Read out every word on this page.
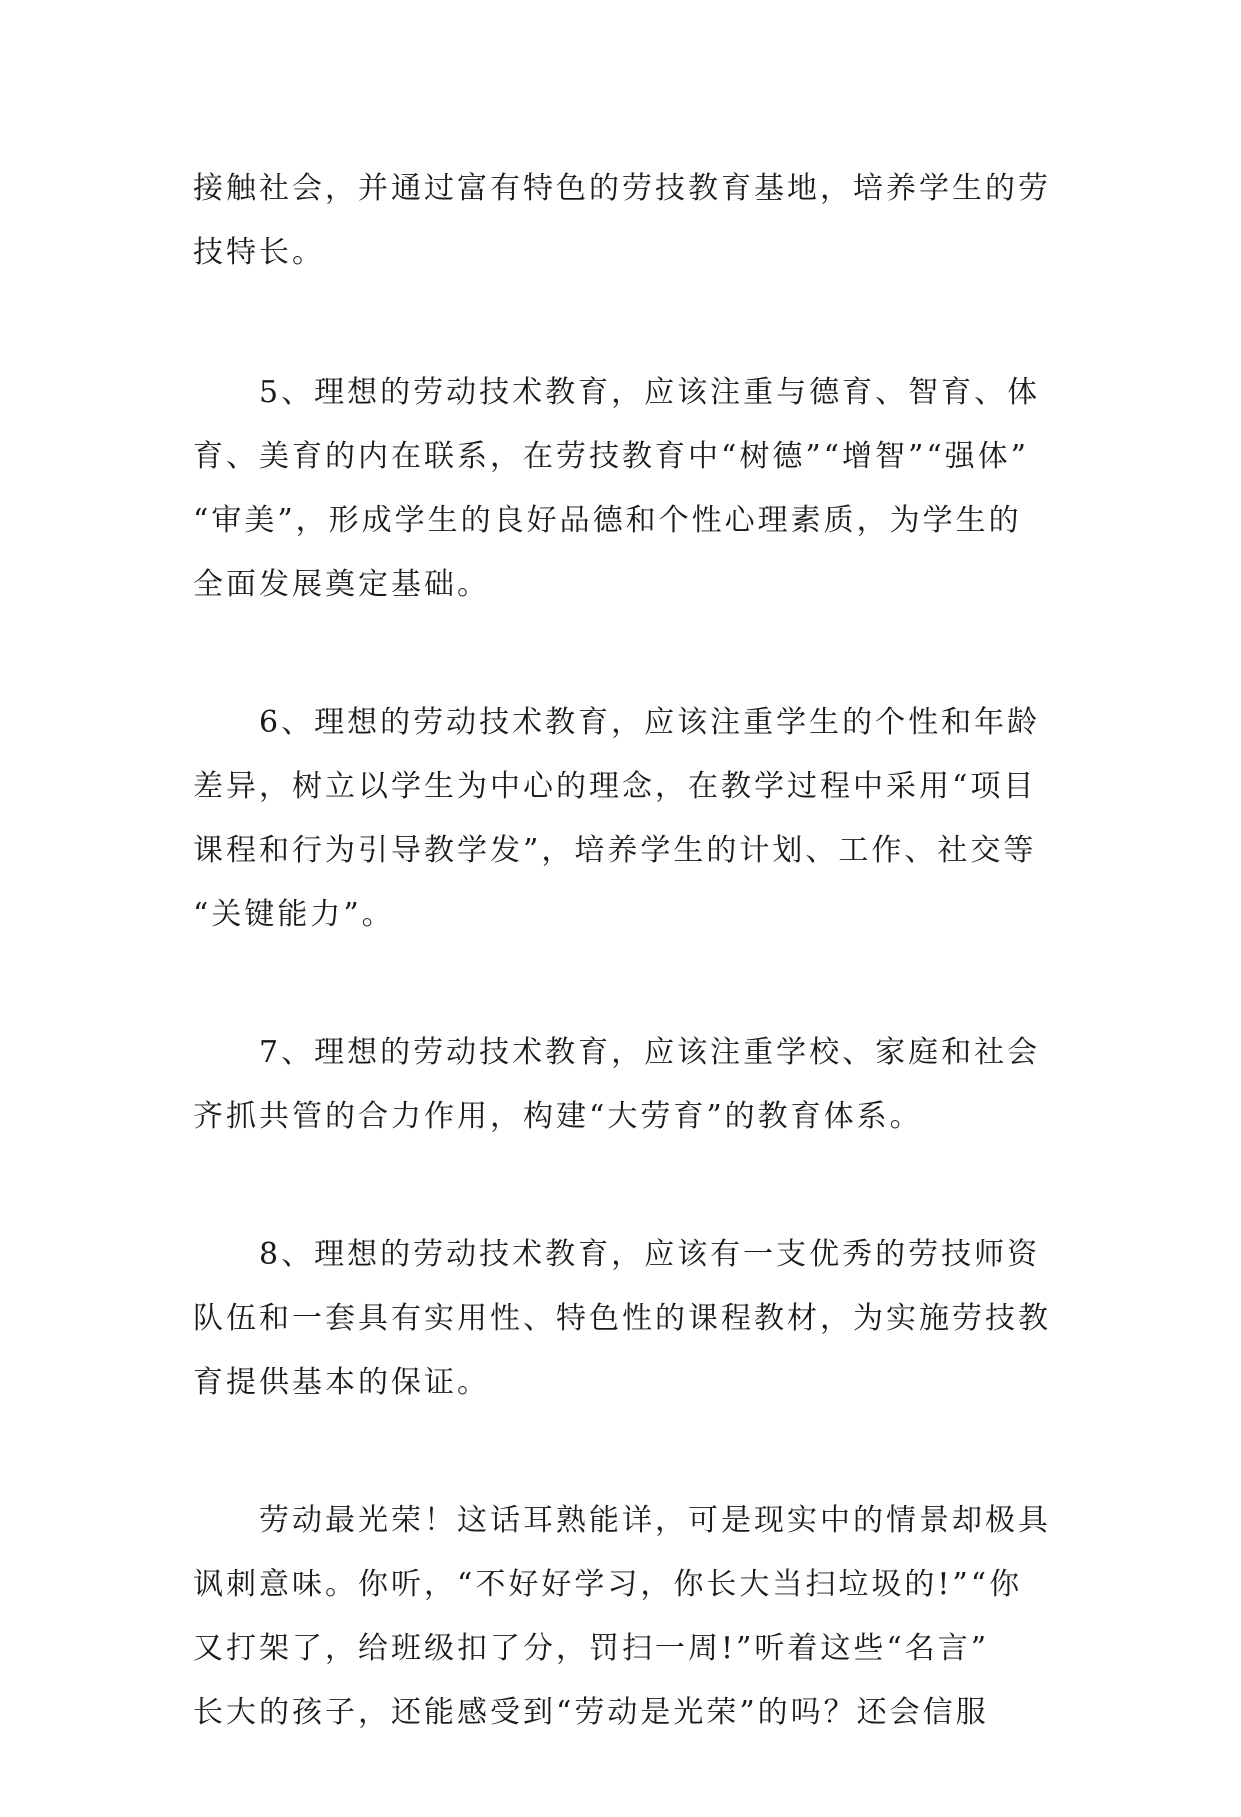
接触社会，并通过富有特色的劳技教育基地，培养学生的劳
技特长。
　　5、理想的劳动技术教育，应该注重与德育、智育、体
育、美育的内在联系，在劳技教育中“树德”“增智”“强体”
“审美”，形成学生的良好品德和个性心理素质，为学生的
全面发展奠定基础。
　　6、理想的劳动技术教育，应该注重学生的个性和年龄
差异，树立以学生为中心的理念，在教学过程中采用“项目
课程和行为引导教学发”，培养学生的计划、工作、社交等
“关键能力”。
　　7、理想的劳动技术教育，应该注重学校、家庭和社会
齐抓共管的合力作用，构建“大劳育”的教育体系。
　　8、理想的劳动技术教育，应该有一支优秀的劳技师资
队伍和一套具有实用性、特色性的课程教材，为实施劳技教
育提供基本的保证。
　　劳动最光荣！这话耳熟能详，可是现实中的情景却极具
讽刺意味。你听，“不好好学习，你长大当扫垃圾的!”“你
又打架了，给班级扣了分，罚扫一周!”听着这些“名言”
长大的孩子，还能感受到“劳动是光荣”的吗？还会信服
